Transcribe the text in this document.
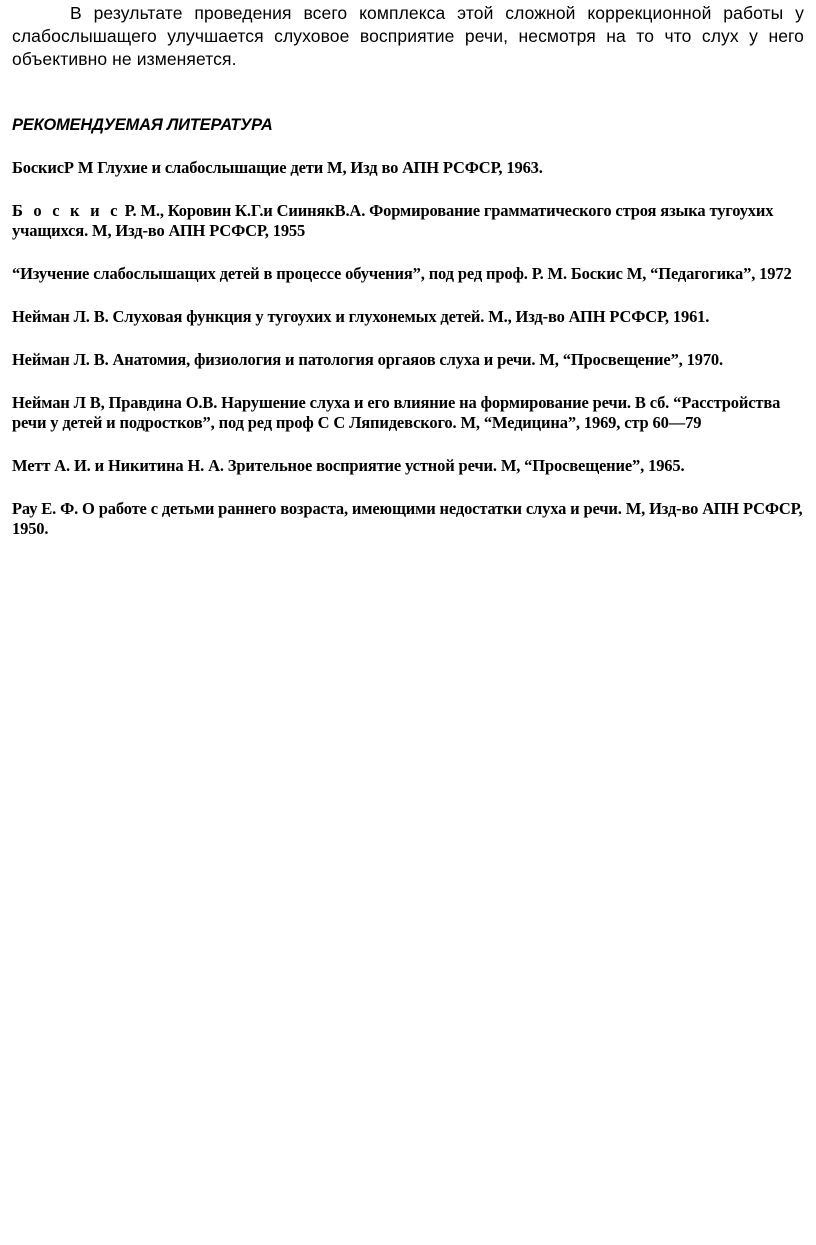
В результате проведения всего комплекса этой сложной коррекционной работы у слабослышащего улучшается слуховое восприятие речи, несмотря на то что слух у него объективно не изменяется.

РЕКОМЕНДУЕМАЯ ЛИТЕРАТУРА
БоскисР М Глухие и слабослышащие дети М, Изд во АПН РСФСР, 1963.
Б о с к и с Р. М., Коровин К.Г.и СиинякВ.А. Формирование грамматического строя языка тугоухих учащихся. М, Изд-во АПН РСФСР, 1955
“Изучение слабослышащих детей в процессе обучения”, под ред проф. Р. М. Боскис М, “Педагогика”, 1972
Нейман Л. В. Слуховая функция у тугоухих и глухонемых детей. М., Изд-во АПН РСФСР, 1961.
Нейман Л. В. Анатомия, физиология и патология оргаяов слуха и речи. М, “Просвещение”, 1970.
Нейман Л В, Правдина О.В. Нарушение слуха и его влияние на формирование речи. В сб. “Расстройства речи у детей и подростков”, под ред проф С С Ляпидевского. М, “Медицина”, 1969, стр 60—79
Метт А. И. и Никитина Н. А. Зрительное восприятие устной речи. М, “Просвещение”, 1965.
Рау Е. Ф. О работе с детьми раннего возраста, имеющими недостатки слуха и речи. М, Изд-во АПН РСФСР, 1950.
